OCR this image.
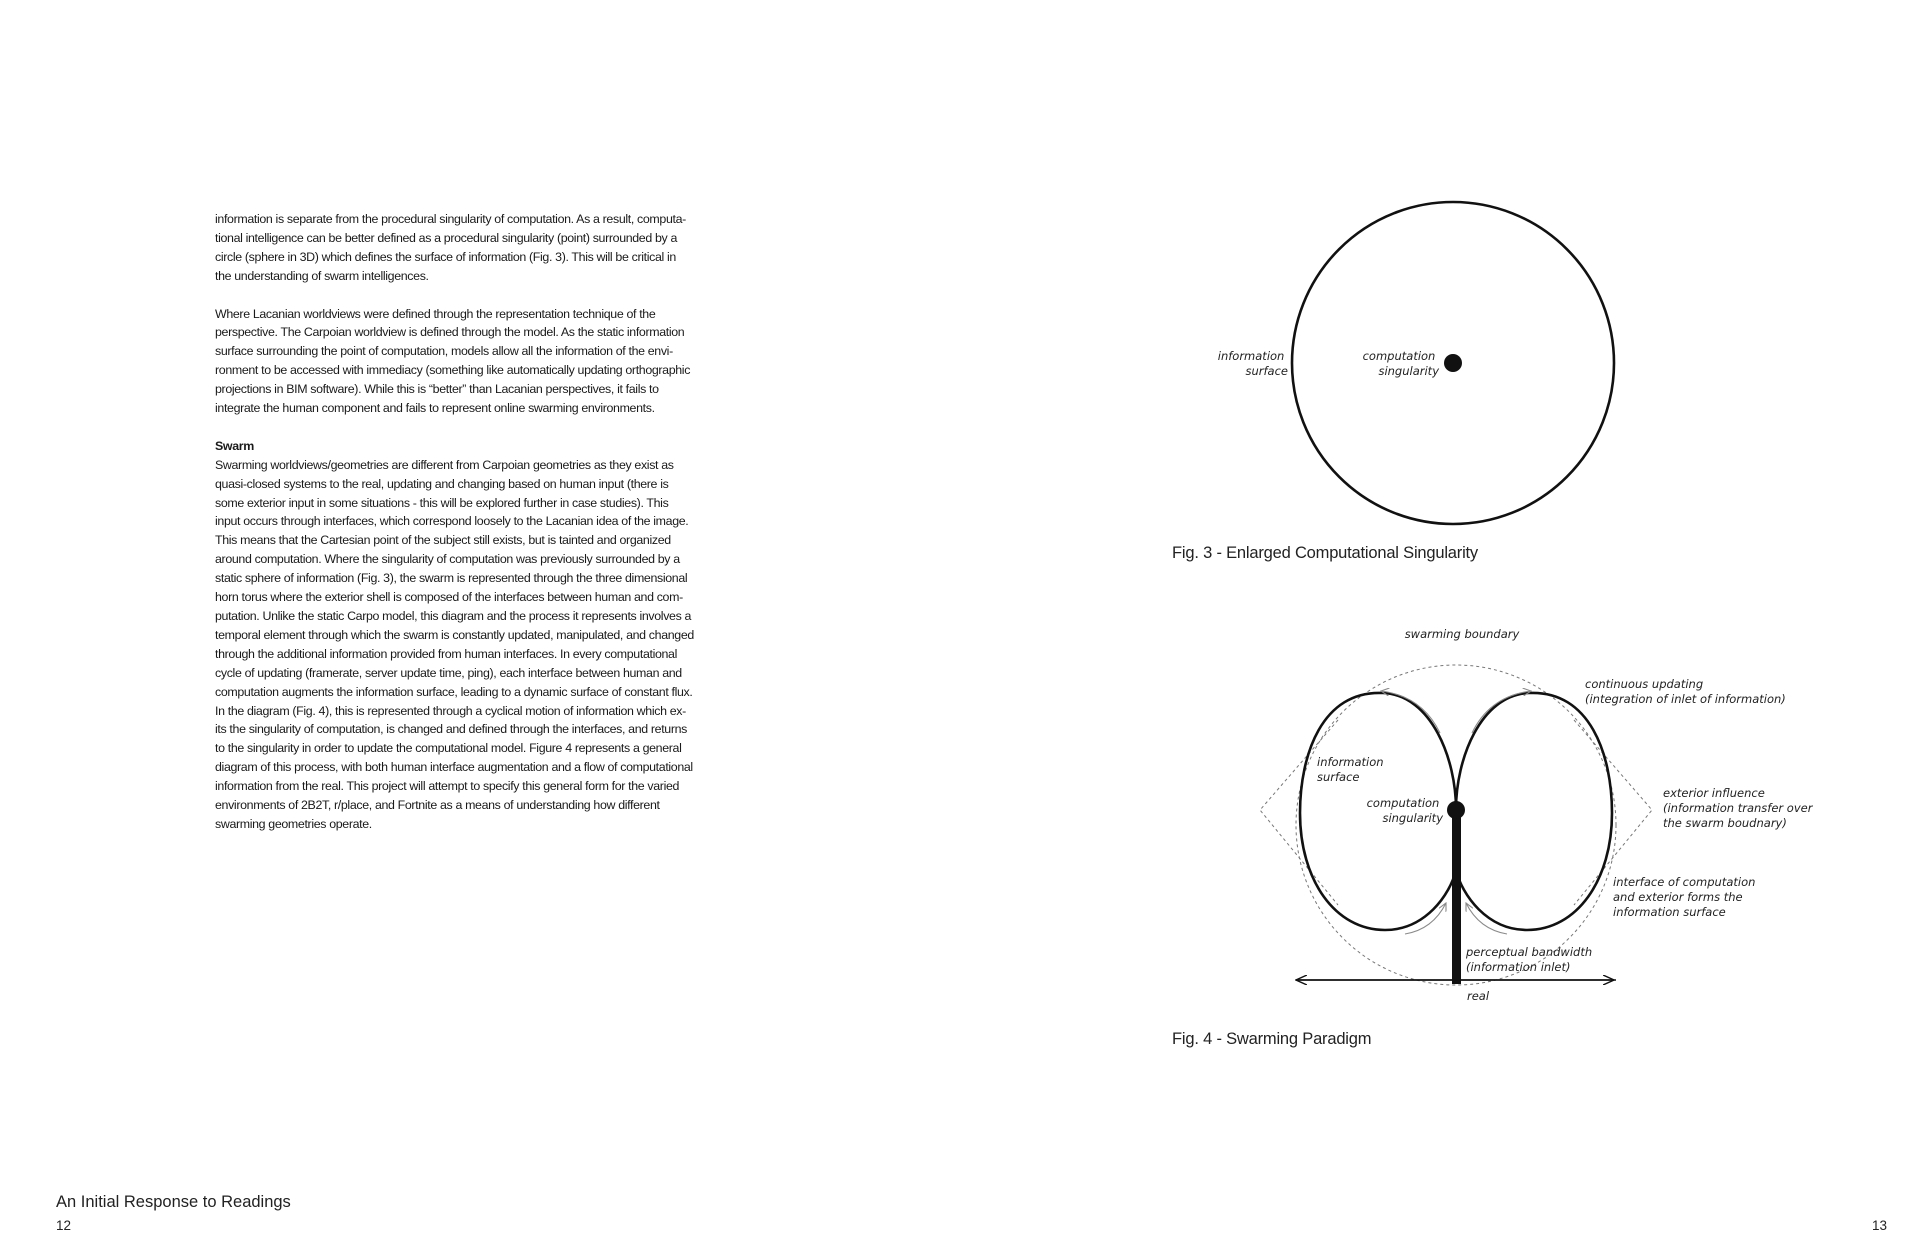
information is separate from the procedural singularity of computation. As a result, computa-
tional intelligence can be better defined as a procedural singularity (point) surrounded by a
circle (sphere in 3D) which defines the surface of information (Fig. 3). This will be critical in
the understanding of swarm intelligences.
Where Lacanian worldviews were defined through the representation technique of the
perspective. The Carpoian worldview is defined through the model. As the static information
surface surrounding the point of computation, models allow all the information of the envi-
ronment to be accessed with immediacy (something like automatically updating orthographic
projections in BIM software). While this is “better” than Lacanian perspectives, it fails to
integrate the human component and fails to represent online swarming environments.
Swarm
Swarming worldviews/geometries are different from Carpoian geometries as they exist as
quasi-closed systems to the real, updating and changing based on human input (there is
some exterior input in some situations - this will be explored further in case studies). This
input occurs through interfaces, which correspond loosely to the Lacanian idea of the image.
This means that the Cartesian point of the subject still exists, but is tainted and organized
around computation. Where the singularity of computation was previously surrounded by a
static sphere of information (Fig. 3), the swarm is represented through the three dimensional
horn torus where the exterior shell is composed of the interfaces between human and com-
putation. Unlike the static Carpo model, this diagram and the process it represents involves a
temporal element through which the swarm is constantly updated, manipulated, and changed
through the additional information provided from human interfaces. In every computational
cycle of updating (framerate, server update time, ping), each interface between human and
computation augments the information surface, leading to a dynamic surface of constant flux.
In the diagram (Fig. 4), this is represented through a cyclical motion of information which ex-
its the singularity of computation, is changed and defined through the interfaces, and returns
to the singularity in order to update the computational model. Figure 4 represents a general
diagram of this process, with both human interface augmentation and a flow of computational
information from the real. This project will attempt to specify this general form for the varied
environments of 2B2T, r/place, and Fortnite as a means of understanding how different
swarming geometries operate.
An Initial Response to Readings
12
information surface
computation singularity
swarming boundary
continuous updating (integration of inlet of information)
information surface
computation singularity
exterior influence (information transfer over the swarm boudnary)
interface of computation and exterior forms the information surface
perceptual bandwidth (information inlet)
real
Fig. 3 - Enlarged Computational Singularity
Fig. 4 - Swarming Paradigm
13
